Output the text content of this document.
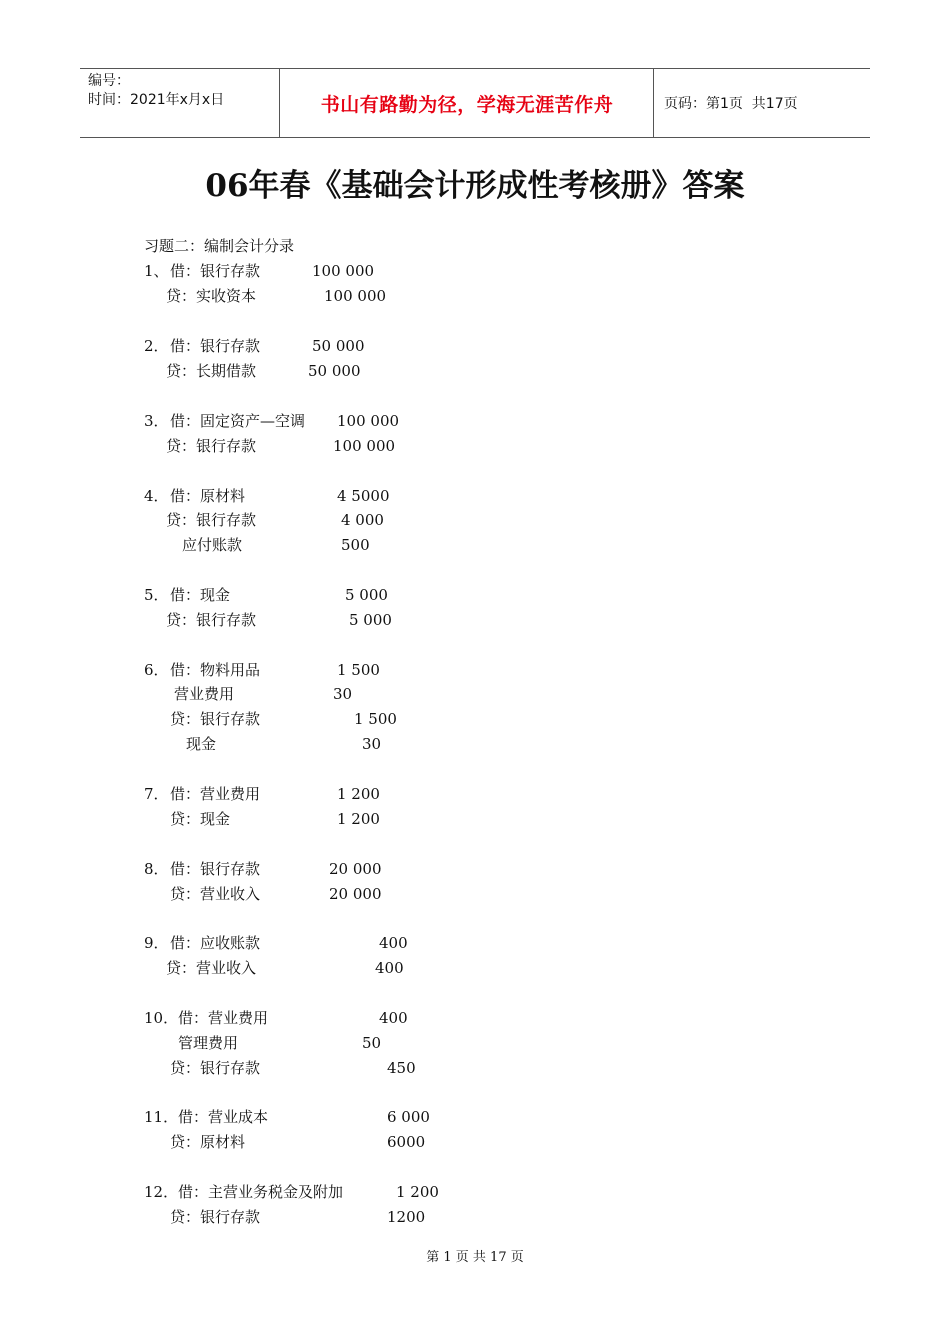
编号：
时间：2021年x月x日	书山有路勤为径，学海无涯苦作舟	页码：第1页  共17页
06年春《基础会计形成性考核册》答案
习题二：编制会计分录
1、 借：银行存款	100 000
贷：实收资本	100 000
2． 借：银行存款	50 000
贷：长期借款	50 000
3． 借：固定资产—空调 100 000
贷：银行存款	100 000
4． 借：原材料	4 5000
贷：银行存款	4 000
应付账款	500
5． 借：现金	5 000
贷：银行存款	5 000
6． 借：物料用品	1 500
营业费用	30
贷：银行存款	1 500
现金	30
7． 借：营业费用	1 200
贷：现金	1 200
8． 借：银行存款	20 000
贷：营业收入	20 000
9． 借：应收账款	400
贷：营业收入	400
10． 借：营业费用	400
管理费用	50
贷：银行存款	450
11． 借：营业成本	6 000
贷：原材料	6000
12． 借：主营业务税金及附加	1 200
贷：银行存款	1200
第 1 页 共 17 页
